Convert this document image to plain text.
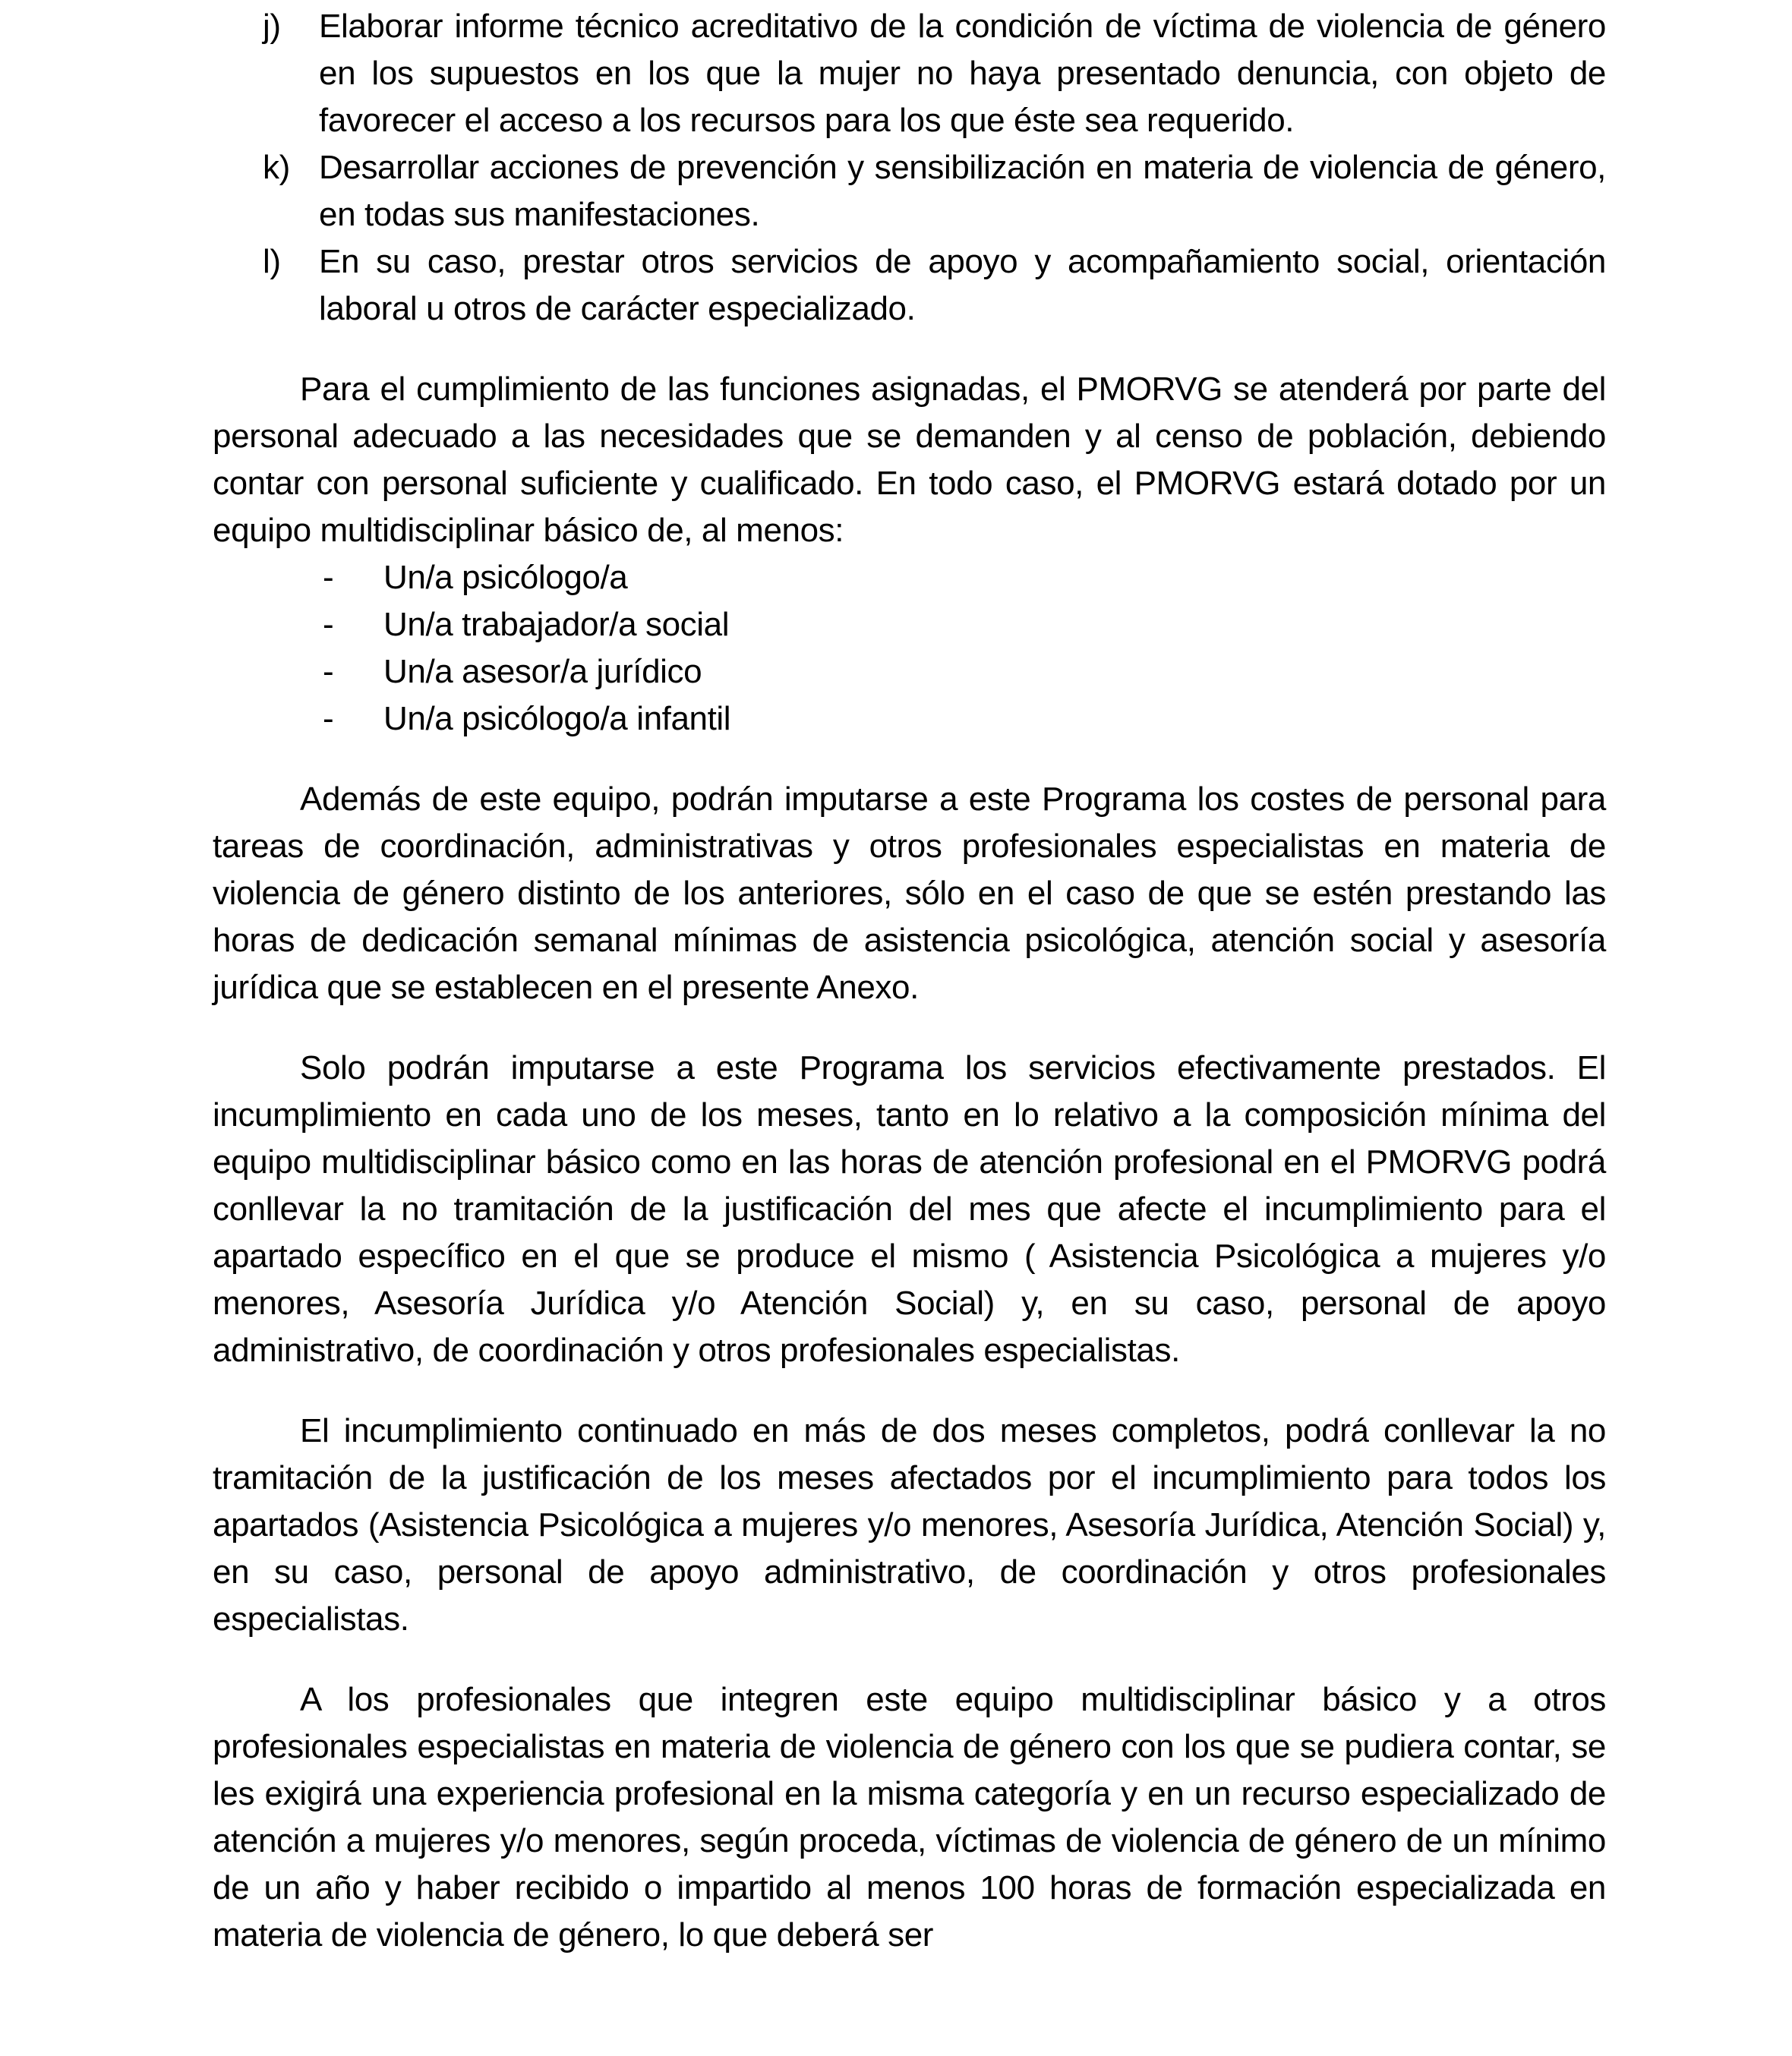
j) Elaborar informe técnico acreditativo de la condición de víctima de violencia de género en los supuestos en los que la mujer no haya presentado denuncia, con objeto de favorecer el acceso a los recursos para los que éste sea requerido.
k) Desarrollar acciones de prevención y sensibilización en materia de violencia de género, en todas sus manifestaciones.
l) En su caso, prestar otros servicios de apoyo y acompañamiento social, orientación laboral u otros de carácter especializado.

Para el cumplimiento de las funciones asignadas, el PMORVG se atenderá por parte del personal adecuado a las necesidades que se demanden y al censo de población, debiendo contar con personal suficiente y cualificado. En todo caso, el PMORVG estará dotado por un equipo multidisciplinar básico de, al menos:

- Un/a psicólogo/a
- Un/a trabajador/a social
- Un/a asesor/a jurídico
- Un/a psicólogo/a infantil

Además de este equipo, podrán imputarse a este Programa los costes de personal para tareas de coordinación, administrativas y otros profesionales especialistas en materia de violencia de género distinto de los anteriores, sólo en el caso de que se estén prestando las horas de dedicación semanal mínimas de asistencia psicológica, atención social y asesoría jurídica que se establecen en el presente Anexo.

Solo podrán imputarse a este Programa los servicios efectivamente prestados. El incumplimiento en cada uno de los meses, tanto en lo relativo a la composición mínima del equipo multidisciplinar básico como en las horas de atención profesional en el PMORVG podrá conllevar la no tramitación de la justificación del mes que afecte el incumplimiento para el apartado específico en el que se produce el mismo ( Asistencia Psicológica a mujeres y/o menores, Asesoría Jurídica y/o Atención Social) y, en su caso, personal de apoyo administrativo, de coordinación y otros profesionales especialistas.

El incumplimiento continuado en más de dos meses completos, podrá conllevar la no tramitación de la justificación de los meses afectados por el incumplimiento para todos los apartados (Asistencia Psicológica a mujeres y/o menores, Asesoría Jurídica, Atención Social) y, en su caso, personal de apoyo administrativo, de coordinación y otros profesionales especialistas.

A los profesionales que integren este equipo multidisciplinar básico y a otros profesionales especialistas en materia de violencia de género con los que se pudiera contar, se les exigirá una experiencia profesional en la misma categoría y en un recurso especializado de atención a mujeres y/o menores, según proceda, víctimas de violencia de género de un mínimo de un año y haber recibido o impartido al menos 100 horas de formación especializada en materia de violencia de género, lo que deberá ser
